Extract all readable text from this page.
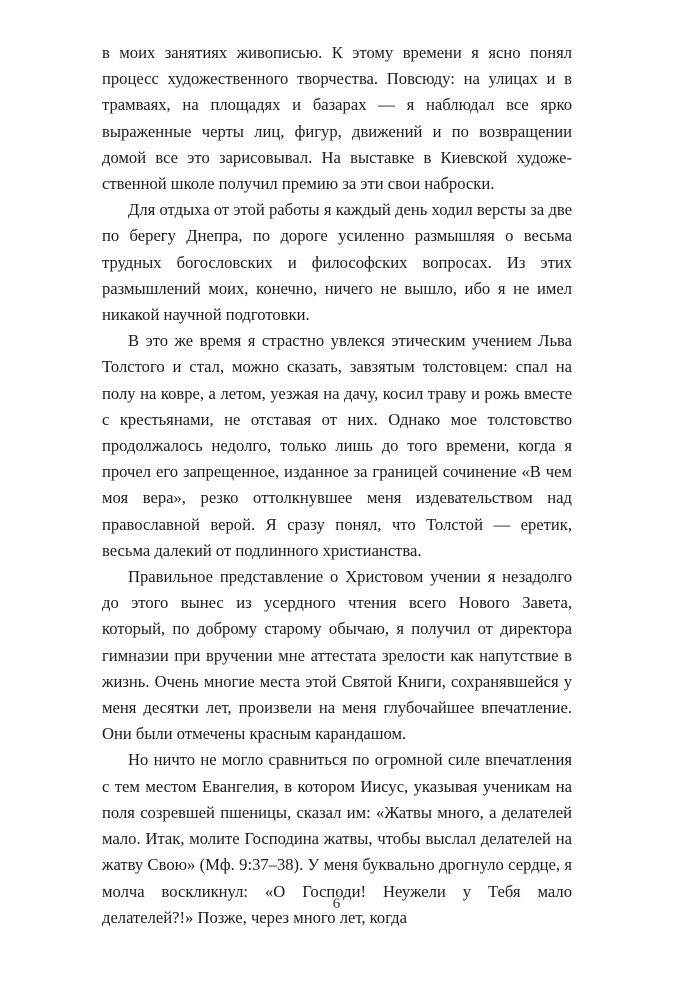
в моих занятиях живописью. К этому времени я ясно понял процесс художественного творчества. Повсюду: на улицах и в трамваях, на площадях и базарах — я наблюдал все ярко выраженные черты лиц, фигур, движений и по возвращении домой все это зарисовывал. На выставке в Киевской художественной школе получил премию за эти свои наброски.

Для отдыха от этой работы я каждый день ходил версты за две по берегу Днепра, по дороге усиленно размышляя о весьма трудных богословских и философских вопросах. Из этих размышлений моих, конечно, ничего не вышло, ибо я не имел никакой научной подготовки.

В это же время я страстно увлекся этическим учением Льва Толстого и стал, можно сказать, завзятым толстовцем: спал на полу на ковре, а летом, уезжая на дачу, косил траву и рожь вместе с крестьянами, не отставая от них. Однако мое толстовство продолжалось недолго, только лишь до того времени, когда я прочел его запрещенное, изданное за границей сочинение «В чем моя вера», резко оттолкнувшее меня издевательством над православной верой. Я сразу понял, что Толстой — еретик, весьма далекий от подлинного христианства.

Правильное представление о Христовом учении я незадолго до этого вынес из усердного чтения всего Нового Завета, который, по доброму старому обычаю, я получил от директора гимназии при вручении мне аттестата зрелости как напутствие в жизнь. Очень многие места этой Святой Книги, сохранявшейся у меня десятки лет, произвели на меня глубочайшее впечатление. Они были отмечены красным карандашом.

Но ничто не могло сравниться по огромной силе впечатления с тем местом Евангелия, в котором Иисус, указывая ученикам на поля созревшей пшеницы, сказал им: «Жатвы много, а делателей мало. Итак, молите Господина жатвы, чтобы выслал делателей на жатву Свою» (Мф. 9:37–38). У меня буквально дрогнуло сердце, я молча воскликнул: «О Господи! Неужели у Тебя мало делателей?!» Позже, через много лет, когда

6
